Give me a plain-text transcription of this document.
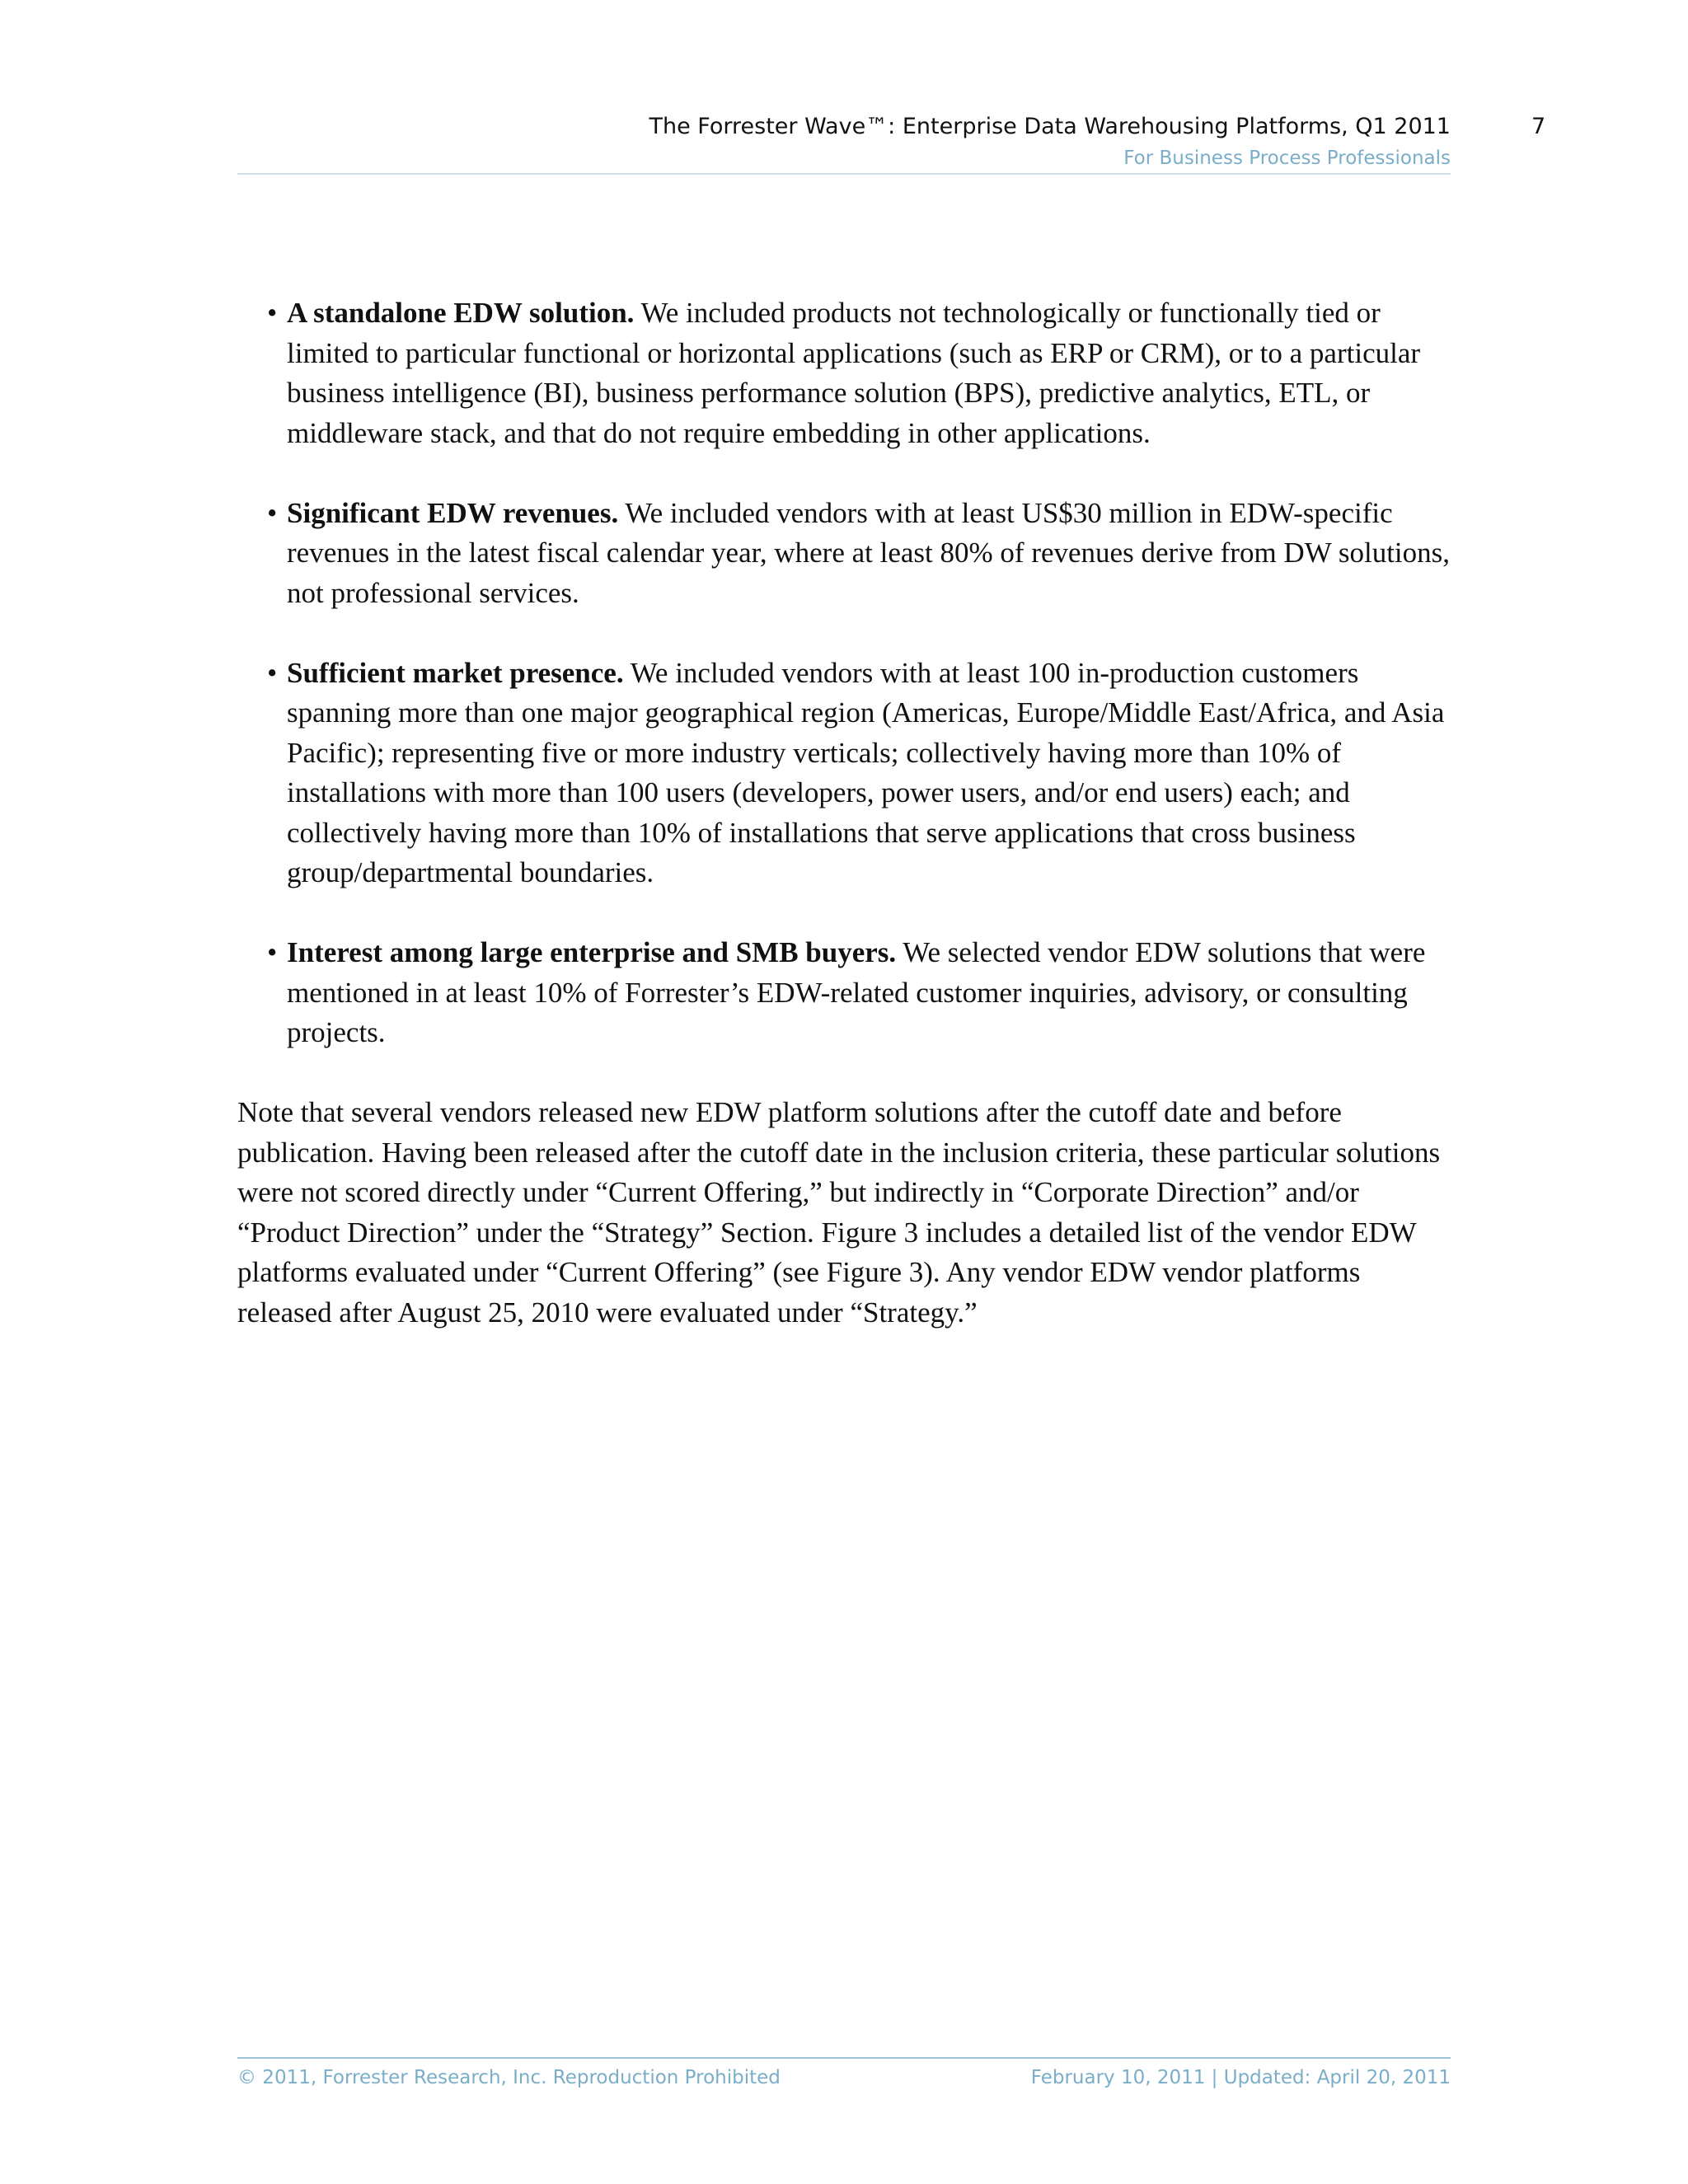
The Forrester Wave™: Enterprise Data Warehousing Platforms, Q1 2011
For Business Process Professionals
7
• A standalone EDW solution. We included products not technologically or functionally tied or limited to particular functional or horizontal applications (such as ERP or CRM), or to a particular business intelligence (BI), business performance solution (BPS), predictive analytics, ETL, or middleware stack, and that do not require embedding in other applications.
• Significant EDW revenues. We included vendors with at least US$30 million in EDW-specific revenues in the latest fiscal calendar year, where at least 80% of revenues derive from DW solutions, not professional services.
• Sufficient market presence. We included vendors with at least 100 in-production customers spanning more than one major geographical region (Americas, Europe/Middle East/Africa, and Asia Pacific); representing five or more industry verticals; collectively having more than 10% of installations with more than 100 users (developers, power users, and/or end users) each; and collectively having more than 10% of installations that serve applications that cross business group/departmental boundaries.
• Interest among large enterprise and SMB buyers. We selected vendor EDW solutions that were mentioned in at least 10% of Forrester’s EDW-related customer inquiries, advisory, or consulting projects.

Note that several vendors released new EDW platform solutions after the cutoff date and before publication. Having been released after the cutoff date in the inclusion criteria, these particular solutions were not scored directly under “Current Offering,” but indirectly in “Corporate Direction” and/or “Product Direction” under the “Strategy” Section. Figure 3 includes a detailed list of the vendor EDW platforms evaluated under “Current Offering” (see Figure 3). Any vendor EDW vendor platforms released after August 25, 2010 were evaluated under “Strategy.”

© 2011, Forrester Research, Inc. Reproduction Prohibited	February 10, 2011 | Updated: April 20, 2011
